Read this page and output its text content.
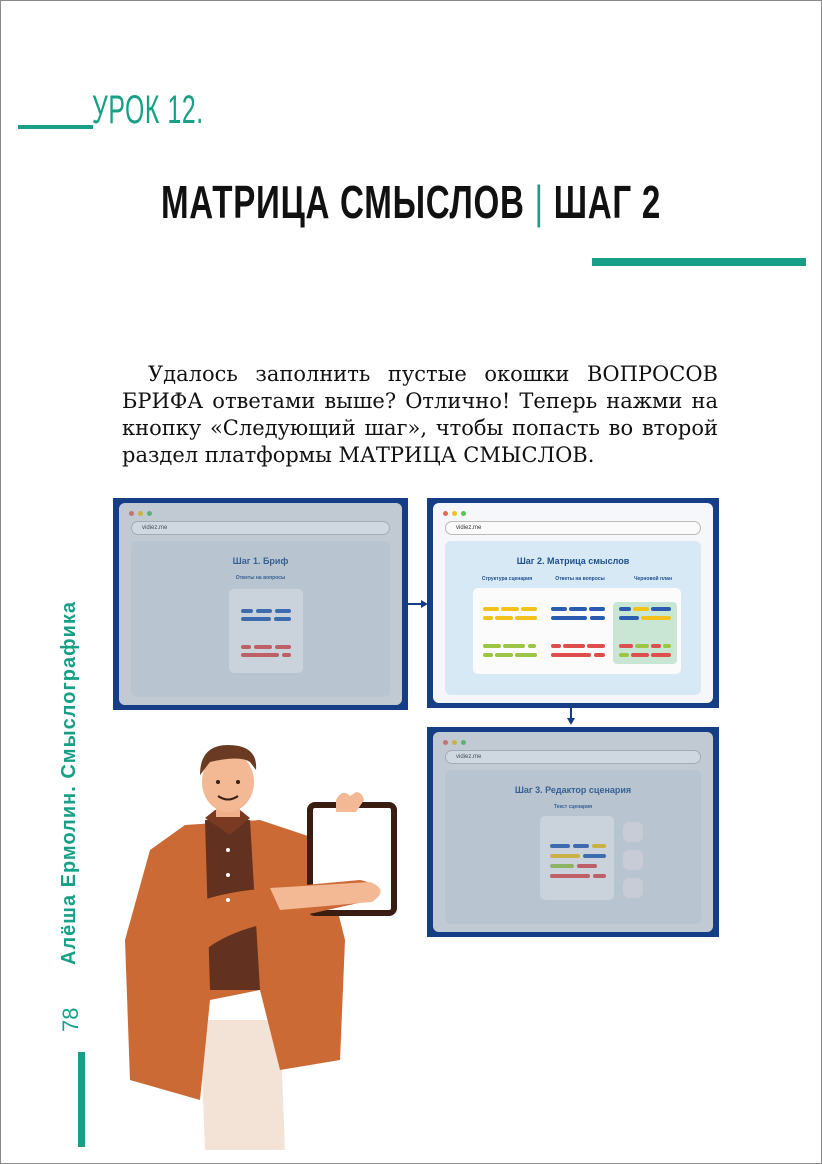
УРОК 12.
МАТРИЦА СМЫСЛОВ | ШАГ 2

Удалось заполнить пустые окошки ВОПРОСОВ БРИФА ответами выше? Отлично! Теперь нажми на кнопку «Следующий шаг», чтобы попасть во второй раздел платформы МАТРИЦА СМЫСЛОВ.

vidiez.me
Шаг 1. Бриф
Ответы на вопросы
vidiez.me
Шаг 2. Матрица смыслов
Структура сценария	Ответы на вопросы	Черновой план
vidiez.me
Шаг 3. Редактор сценария
Текст сценария
Алёша Ермолин. Смыслографика
78
